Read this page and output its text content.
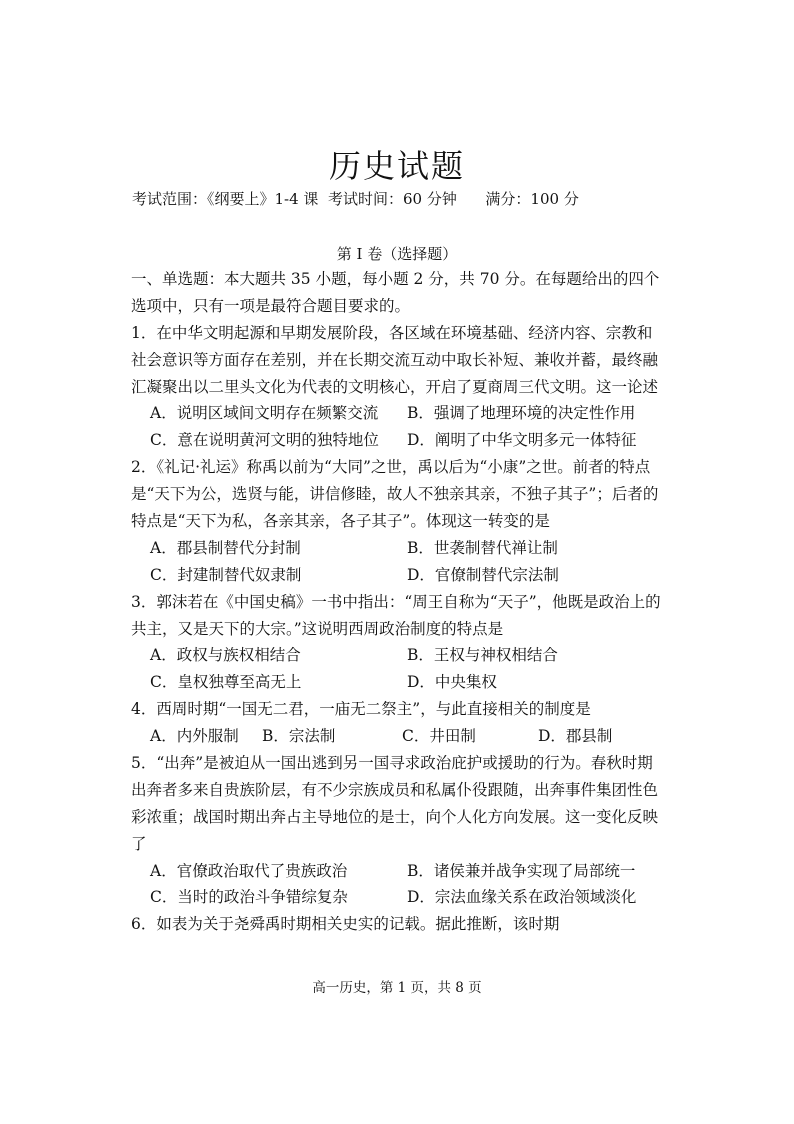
历史试题
考试范围：《纲要上》1-4 课  考试时间：60 分钟      满分：100 分
第 I 卷（选择题）
一、单选题：本大题共 35 小题，每小题 2 分，共 70 分。在每题给出的四个
选项中，只有一项是最符合题目要求的。
1．在中华文明起源和早期发展阶段，各区域在环境基础、经济内容、宗教和
社会意识等方面存在差别，并在长期交流互动中取长补短、兼收并蓄，最终融
汇凝聚出以二里头文化为代表的文明核心，开启了夏商周三代文明。这一论述
A．说明区域间文明存在频繁交流	B．强调了地理环境的决定性作用
C．意在说明黄河文明的独特地位	D．阐明了中华文明多元一体特征
2．《礼记·礼运》称禹以前为“大同”之世，禹以后为“小康”之世。前者的特点
是“天下为公，选贤与能，讲信修睦，故人不独亲其亲，不独子其子”；后者的
特点是“天下为私，各亲其亲，各子其子”。体现这一转变的是
A．郡县制替代分封制	B．世袭制替代禅让制
C．封建制替代奴隶制	D．官僚制替代宗法制
3．郭沫若在《中国史稿》一书中指出：“周王自称为“天子”，他既是政治上的
共主，又是天下的大宗。”这说明西周政治制度的特点是
A．政权与族权相结合	B．王权与神权相结合
C．皇权独尊至高无上	D．中央集权
4．西周时期“一国无二君，一庙无二祭主”，与此直接相关的制度是
A．内外服制	B．宗法制	C．井田制	D．郡县制
5．“出奔”是被迫从一国出逃到另一国寻求政治庇护或援助的行为。春秋时期
出奔者多来自贵族阶层，有不少宗族成员和私属仆役跟随，出奔事件集团性色
彩浓重；战国时期出奔占主导地位的是士，向个人化方向发展。这一变化反映
了
A．官僚政治取代了贵族政治	B．诸侯兼并战争实现了局部统一
C．当时的政治斗争错综复杂	D．宗法血缘关系在政治领域淡化
6．如表为关于尧舜禹时期相关史实的记载。据此推断，该时期
高一历史，第 1 页，共 8 页
